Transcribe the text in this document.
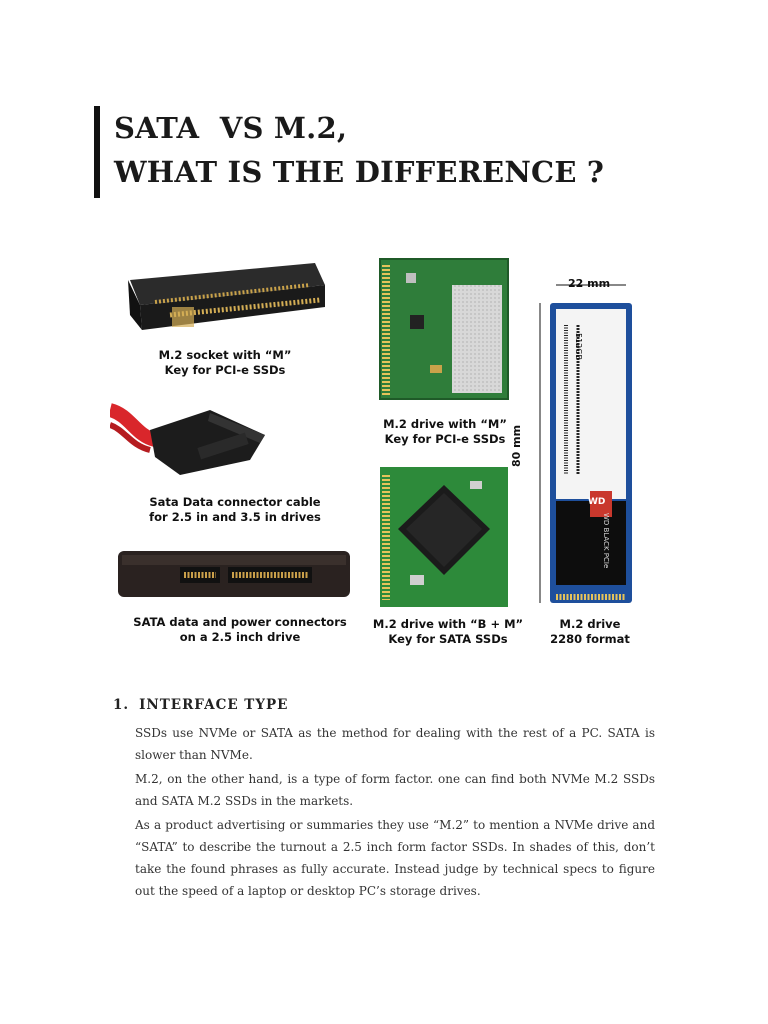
SATA  VS M.2,
WHAT IS THE DIFFERENCE ?
M.2 socket with “M”
Key for PCI-e SSDs
Sata Data connector cable
for 2.5 in and 3.5 in drives
SATA data and power connectors
on a 2.5 inch drive
M.2 drive with “M”
Key for PCI-e SSDs
M.2 drive with “B + M”
Key for SATA SSDs
M.2 drive
2280 format
22 mm
80 mm
512GB
WD BLACK PCIe
WD
1. INTERFACE TYPE

SSDs use NVMe or SATA as the method for dealing with the rest of a PC. SATA is slower than NVMe.

M.2, on the other hand, is a type of form factor. one can find both NVMe M.2 SSDs and SATA M.2 SSDs in the markets.

As a product advertising or summaries they use “M.2” to mention a NVMe drive and “SATA” to describe the turnout a 2.5 inch form factor SSDs. In shades of this, don’t take the found phrases as fully accurate. Instead judge by technical specs to figure out the speed of a laptop or desktop PC’s storage drives.
